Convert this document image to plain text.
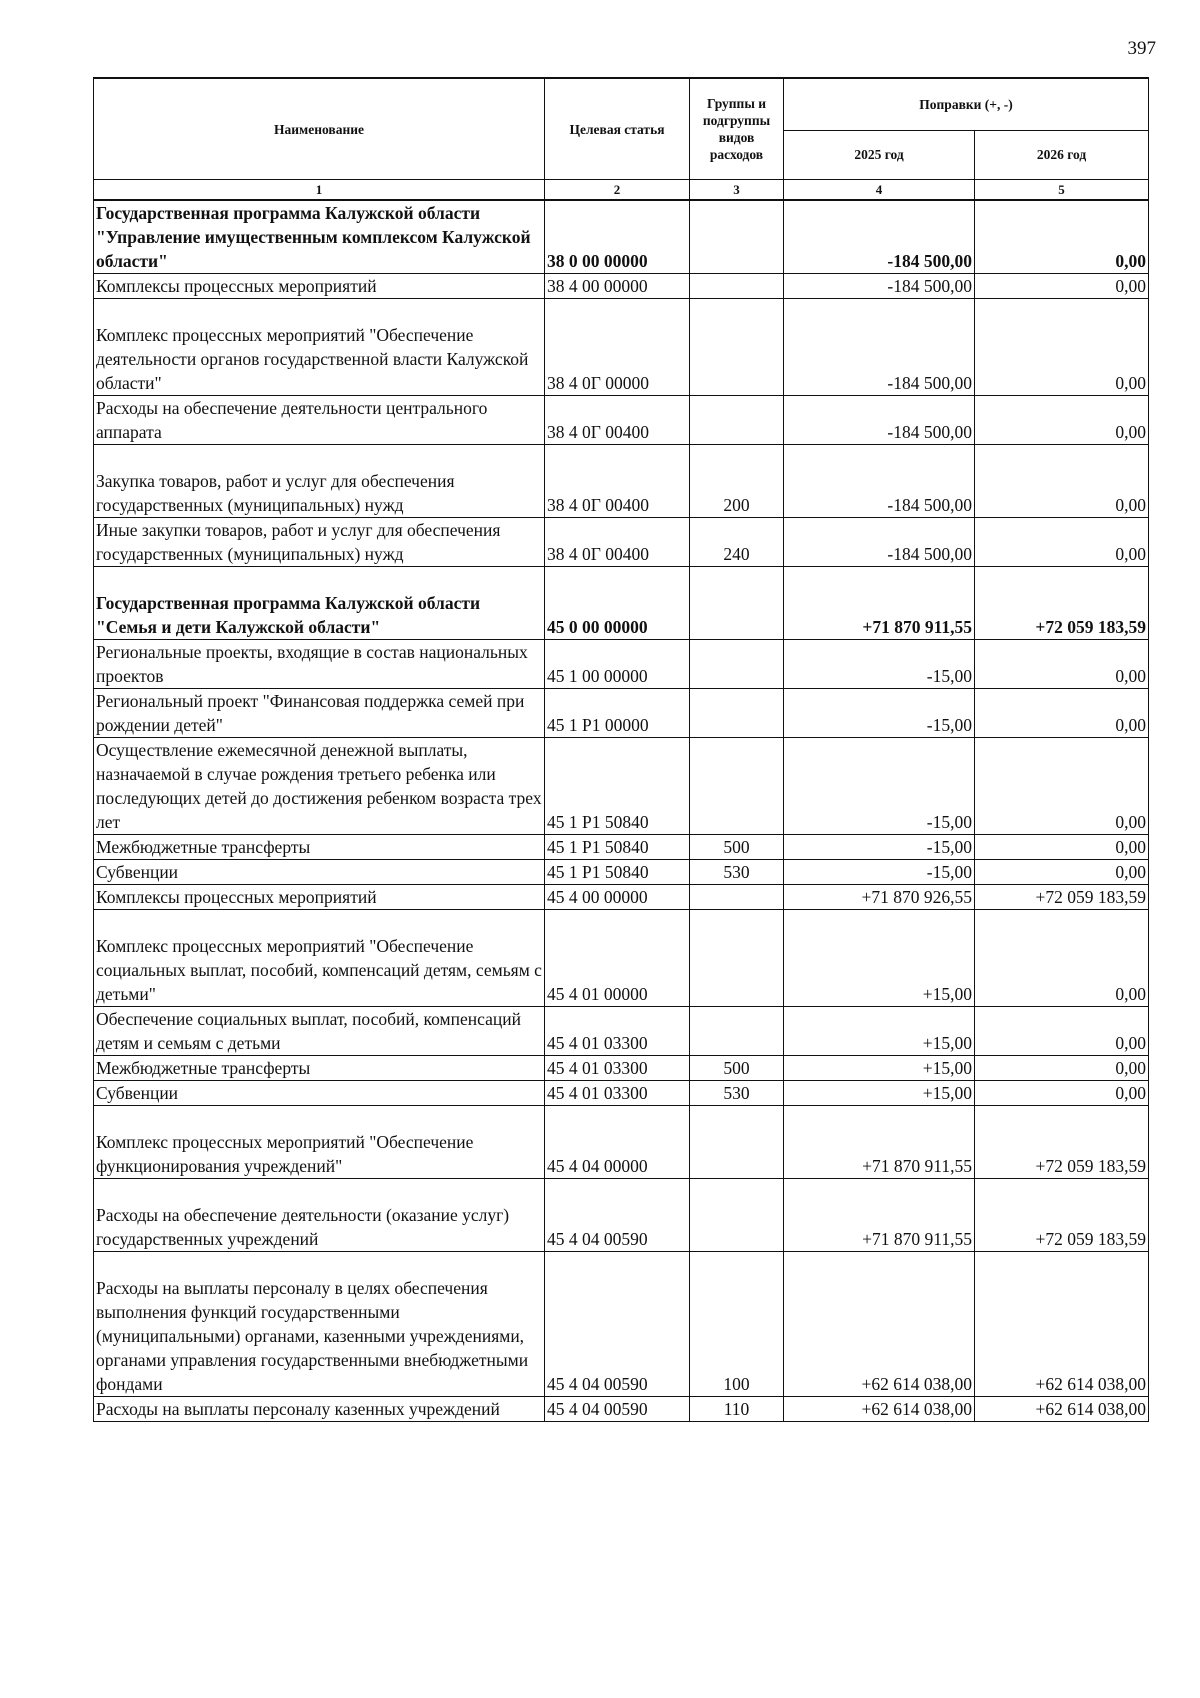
397
Наименование	Целевая статья	Группы и подгруппы видов расходов	Поправки (+, -)	
			2025 год	2026 год
1	2	3	4	5
Государственная программа Калужской области "Управление имущественным комплексом Калужской области"	38 0 00 00000		-184 500,00	0,00
Комплексы процессных мероприятий	38 4 00 00000		-184 500,00	0,00
Комплекс процессных мероприятий "Обеспечение деятельности органов государственной власти Калужской области"	38 4 0Г 00000		-184 500,00	0,00
Расходы на обеспечение деятельности центрального аппарата	38 4 0Г 00400		-184 500,00	0,00
Закупка товаров, работ и услуг для обеспечения государственных (муниципальных) нужд	38 4 0Г 00400	200	-184 500,00	0,00
Иные закупки товаров, работ и услуг для обеспечения государственных (муниципальных) нужд	38 4 0Г 00400	240	-184 500,00	0,00
Государственная программа Калужской области "Семья и дети Калужской области"	45 0 00 00000		+71 870 911,55	+72 059 183,59
Региональные проекты, входящие в состав национальных проектов	45 1 00 00000		-15,00	0,00
Региональный проект "Финансовая поддержка семей при рождении детей"	45 1 Р1 00000		-15,00	0,00
Осуществление ежемесячной денежной выплаты, назначаемой в случае рождения третьего ребенка или последующих детей до достижения ребенком возраста трех лет	45 1 Р1 50840		-15,00	0,00
Межбюджетные трансферты	45 1 Р1 50840	500	-15,00	0,00
Субвенции	45 1 Р1 50840	530	-15,00	0,00
Комплексы процессных мероприятий	45 4 00 00000		+71 870 926,55	+72 059 183,59
Комплекс процессных мероприятий "Обеспечение социальных выплат, пособий, компенсаций детям, семьям с детьми"	45 4 01 00000		+15,00	0,00
Обеспечение социальных выплат, пособий, компенсаций детям и семьям с детьми	45 4 01 03300		+15,00	0,00
Межбюджетные трансферты	45 4 01 03300	500	+15,00	0,00
Субвенции	45 4 01 03300	530	+15,00	0,00
Комплекс процессных мероприятий "Обеспечение функционирования учреждений"	45 4 04 00000		+71 870 911,55	+72 059 183,59
Расходы на обеспечение деятельности (оказание услуг) государственных учреждений	45 4 04 00590		+71 870 911,55	+72 059 183,59
Расходы на выплаты персоналу в целях обеспечения выполнения функций государственными (муниципальными) органами, казенными учреждениями, органами управления государственными внебюджетными фондами	45 4 04 00590	100	+62 614 038,00	+62 614 038,00
Расходы на выплаты персоналу казенных учреждений	45 4 04 00590	110	+62 614 038,00	+62 614 038,00
